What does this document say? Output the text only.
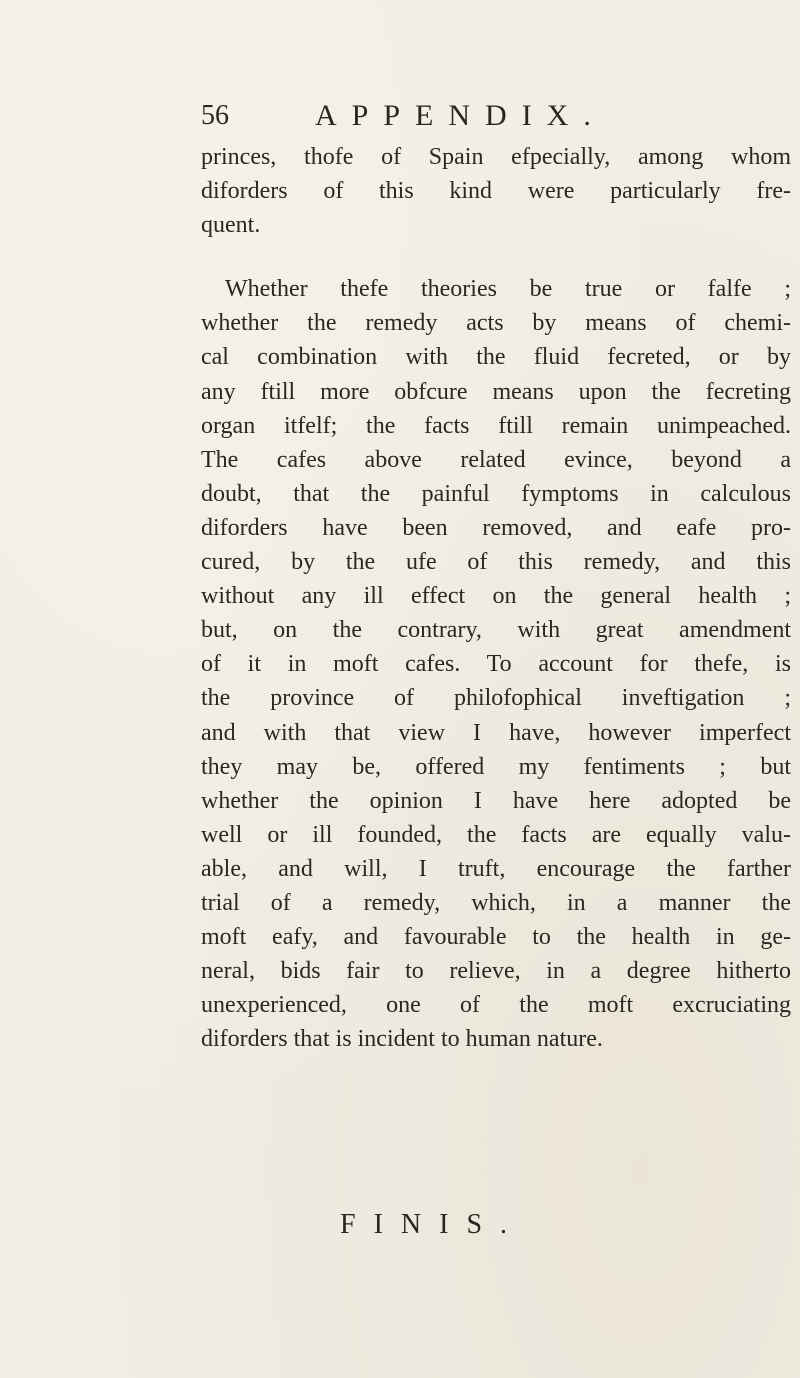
56	APPENDIX.
princes, thofe of Spain efpecially, among whom
diforders of this kind were particularly fre-
quent.
Whether thefe theories be true or falfe ;
whether the remedy acts by means of chemi-
cal combination with the fluid fecreted, or by
any ftill more obfcure means upon the fecreting
organ itfelf; the facts ftill remain unimpeached.
The cafes above related evince, beyond a
doubt, that the painful fymptoms in calculous
diforders have been removed, and eafe pro-
cured, by the ufe of this remedy, and this
without any ill effect on the general health ;
but, on the contrary, with great amendment
of it in moft cafes. To account for thefe, is
the province of philofophical inveftigation ;
and with that view I have, however imperfect
they may be, offered my fentiments ; but
whether the opinion I have here adopted be
well or ill founded, the facts are equally valu-
able, and will, I truft, encourage the farther
trial of a remedy, which, in a manner the
moft eafy, and favourable to the health in ge-
neral, bids fair to relieve, in a degree hitherto
unexperienced, one of the moft excruciating
diforders that is incident to human nature.
FINIS.
